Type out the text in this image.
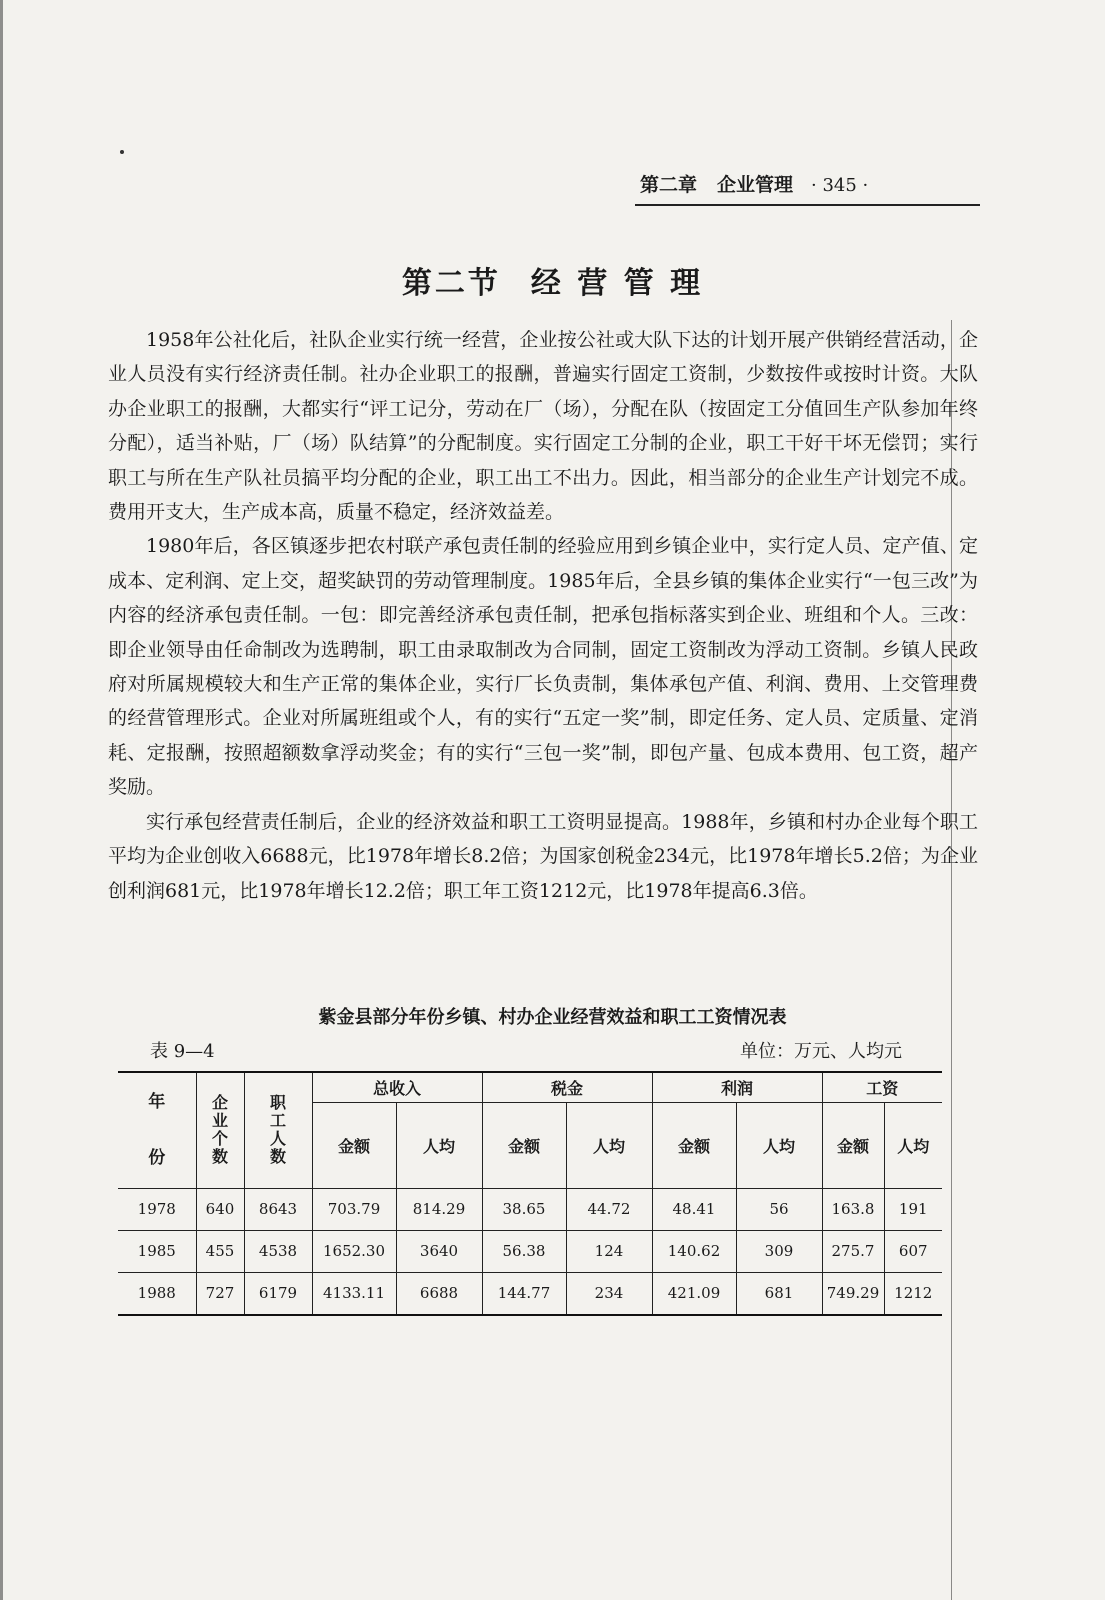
第二章 企业管理 · 345 ·
第二节 经 营 管 理

1958年公社化后，社队企业实行统一经营，企业按公社或大队下达的计划开展产供销经营活动，企业人员没有实行经济责任制。社办企业职工的报酬，普遍实行固定工资制，少数按件或按时计资。大队办企业职工的报酬，大都实行“评工记分，劳动在厂（场），分配在队（按固定工分值回生产队参加年终分配），适当补贴，厂（场）队结算”的分配制度。实行固定工分制的企业，职工干好干坏无偿罚；实行职工与所在生产队社员搞平均分配的企业，职工出工不出力。因此，相当部分的企业生产计划完不成。费用开支大，生产成本高，质量不稳定，经济效益差。

1980年后，各区镇逐步把农村联产承包责任制的经验应用到乡镇企业中，实行定人员、定产值、定成本、定利润、定上交，超奖缺罚的劳动管理制度。1985年后，全县乡镇的集体企业实行“一包三改”为内容的经济承包责任制。一包：即完善经济承包责任制，把承包指标落实到企业、班组和个人。三改：即企业领导由任命制改为选聘制，职工由录取制改为合同制，固定工资制改为浮动工资制。乡镇人民政府对所属规模较大和生产正常的集体企业，实行厂长负责制，集体承包产值、利润、费用、上交管理费的经营管理形式。企业对所属班组或个人，有的实行“五定一奖”制，即定任务、定人员、定质量、定消耗、定报酬，按照超额数拿浮动奖金；有的实行“三包一奖”制，即包产量、包成本费用、包工资，超产奖励。

实行承包经营责任制后，企业的经济效益和职工工资明显提高。1988年，乡镇和村办企业每个职工平均为企业创收入6688元，比1978年增长8.2倍；为国家创税金234元，比1978年增长5.2倍；为企业创利润681元，比1978年增长12.2倍；职工年工资1212元，比1978年提高6.3倍。

紫金县部分年份乡镇、村办企业经营效益和职工工资情况表
表 9—4	单位：万元、人均元
年
份	企业个数	职工人数	总收入		税金		利润		工资	
			金额	人均	金额	人均	金额	人均	金额	人均
1978	640	8643	703.79	814.29	38.65	44.72	48.41	56	163.8	191
1985	455	4538	1652.30	3640	56.38	124	140.62	309	275.7	607
1988	727	6179	4133.11	6688	144.77	234	421.09	681	749.29	1212
